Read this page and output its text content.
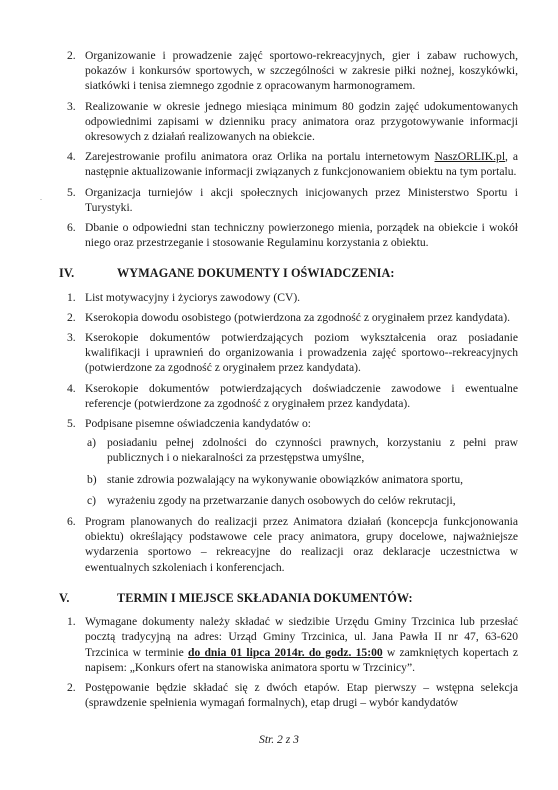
.
2. Organizowanie i prowadzenie zajęć sportowo-rekreacyjnych, gier i zabaw ruchowych, pokazów i konkursów sportowych, w szczególności w zakresie piłki nożnej, koszykówki, siatkówki i tenisa ziemnego zgodnie z opracowanym harmonogramem.
3. Realizowanie w okresie jednego miesiąca minimum 80 godzin zajęć udokumentowanych odpowiednimi zapisami w dzienniku pracy animatora oraz przygotowywanie informacji okresowych z działań realizowanych na obiekcie.
4. Zarejestrowanie profilu animatora oraz Orlika na portalu internetowym NaszORLIK.pl, a następnie aktualizowanie informacji związanych z funkcjonowaniem obiektu na tym portalu.
5. Organizacja turniejów i akcji społecznych inicjowanych przez Ministerstwo Sportu i Turystyki.
6. Dbanie o odpowiedni stan techniczny powierzonego mienia, porządek na obiekcie i wokół niego oraz przestrzeganie i stosowanie Regulaminu korzystania z obiektu.
IV.	WYMAGANE DOKUMENTY I OŚWIADCZENIA:
1. List motywacyjny i życiorys zawodowy (CV).
2. Kserokopia dowodu osobistego (potwierdzona za zgodność z oryginałem przez kandydata).
3. Kserokopie dokumentów potwierdzających poziom wykształcenia oraz posiadanie kwalifikacji i uprawnień do organizowania i prowadzenia zajęć sportowo--rekreacyjnych (potwierdzone za zgodność z oryginałem przez kandydata).
4. Kserokopie dokumentów potwierdzających doświadczenie zawodowe i ewentualne referencje (potwierdzone za zgodność z oryginałem przez kandydata).
5. Podpisane pisemne oświadczenia kandydatów o:
a) posiadaniu pełnej zdolności do czynności prawnych, korzystaniu z pełni praw publicznych i o niekaralności za przestępstwa umyślne,
b) stanie zdrowia pozwalający na wykonywanie obowiązków animatora sportu,
c) wyrażeniu zgody na przetwarzanie danych osobowych do celów rekrutacji,
6. Program planowanych do realizacji przez Animatora działań (koncepcja funkcjonowania obiektu) określający podstawowe cele pracy animatora, grupy docelowe, najważniejsze wydarzenia sportowo – rekreacyjne do realizacji oraz deklaracje uczestnictwa w ewentualnych szkoleniach i konferencjach.
V.	TERMIN I MIEJSCE SKŁADANIA DOKUMENTÓW:
1. Wymagane dokumenty należy składać w siedzibie Urzędu Gminy Trzcinica lub przesłać pocztą tradycyjną na adres: Urząd Gminy Trzcinica, ul. Jana Pawła II nr 47, 63-620 Trzcinica w terminie do dnia 01 lipca 2014r. do godz. 15:00 w zamkniętych kopertach z napisem: „Konkurs ofert na stanowiska animatora sportu w Trzcinicy”.
2. Postępowanie będzie składać się z dwóch etapów. Etap pierwszy – wstępna selekcja (sprawdzenie spełnienia wymagań formalnych), etap drugi – wybór kandydatów
Str. 2 z 3
